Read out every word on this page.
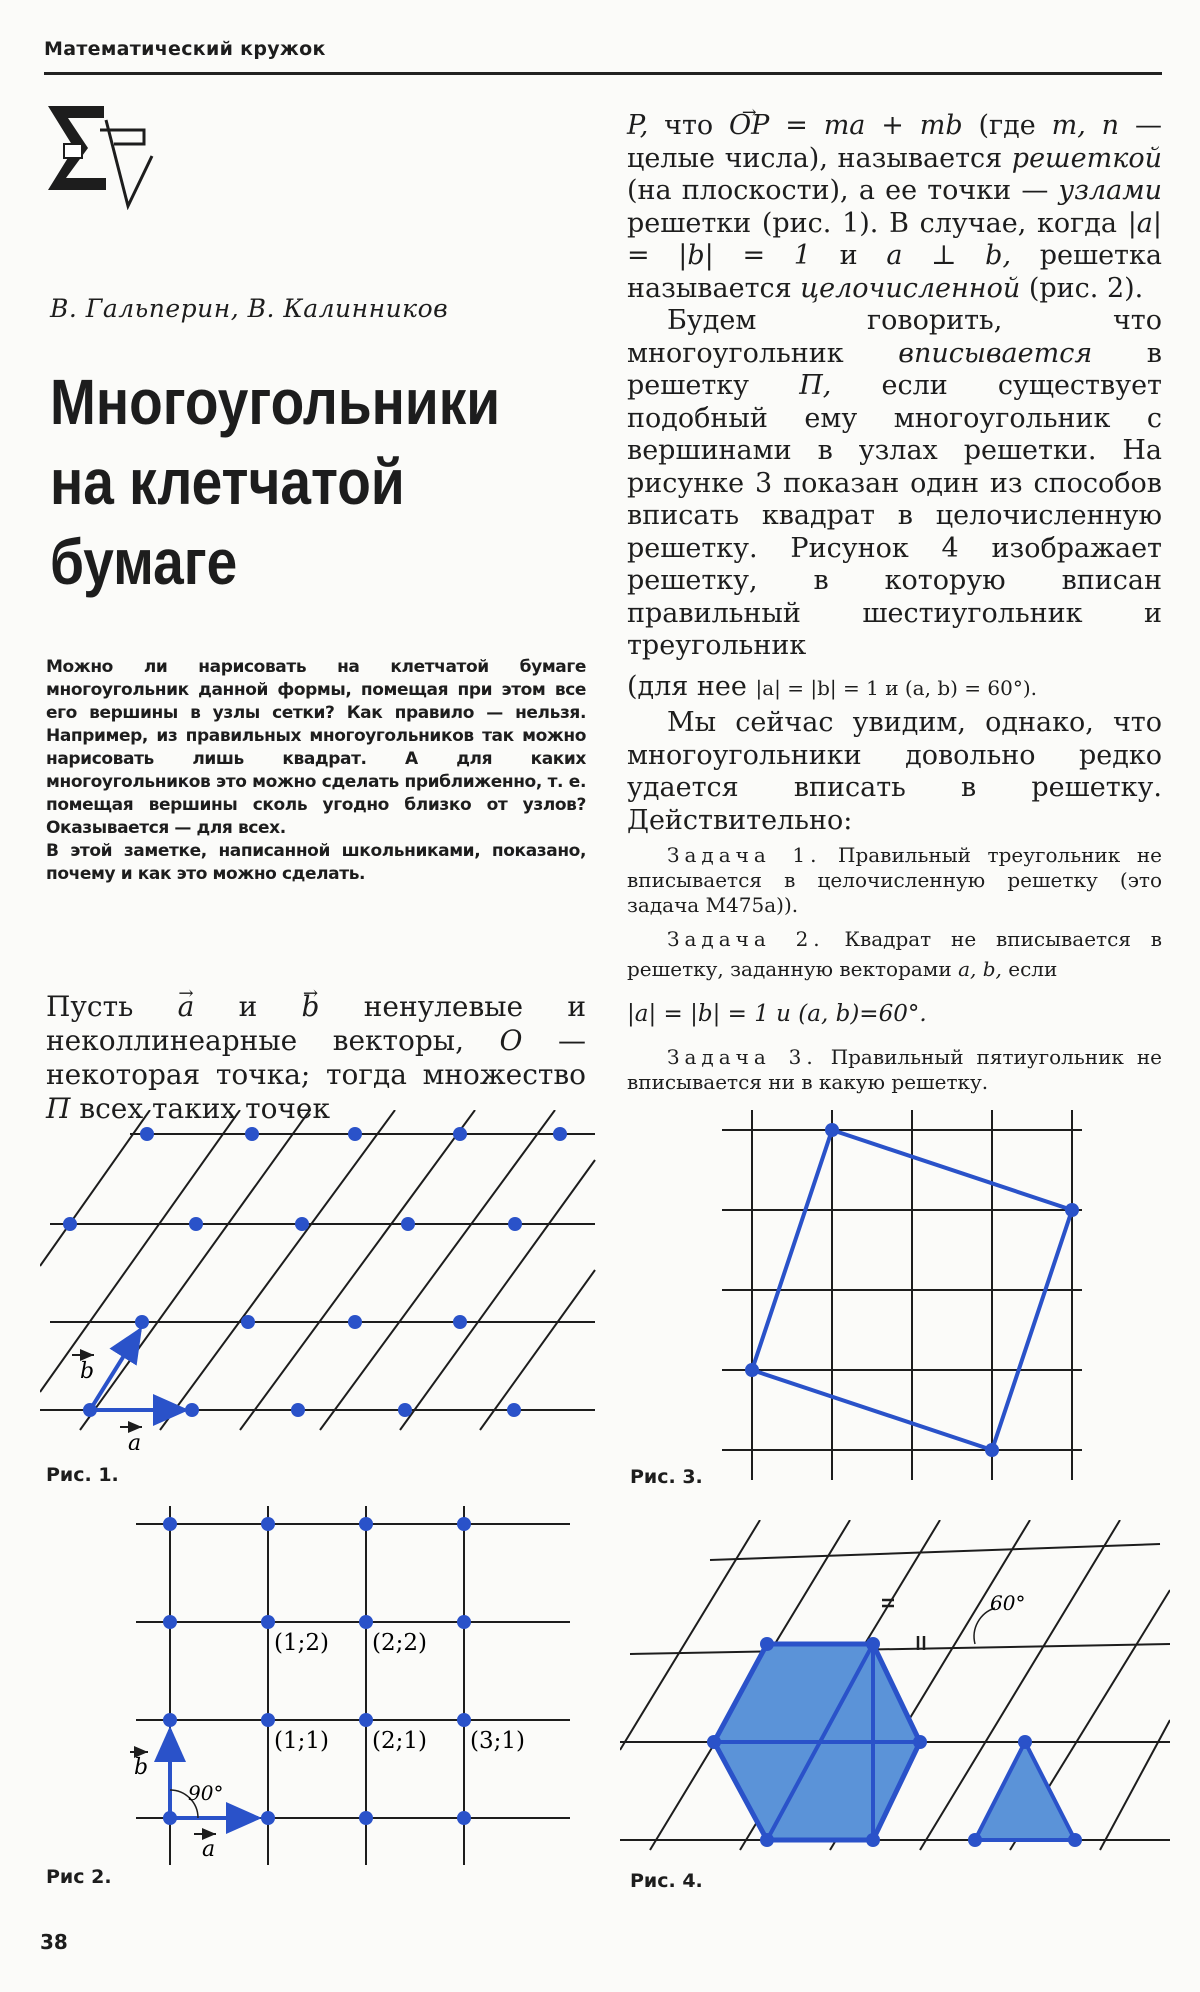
Математический кружок
В. Гальперин, В. Калинников
Многоугольники
на клетчатой
бумаге

Можно ли нарисовать на клетчатой бумаге многоугольник данной формы, помещая при этом все его вершины в узлы сетки? Как правило — нельзя. Например, из правильных многоугольников так можно нарисовать лишь квадрат. А для каких многоугольников это можно сделать приближенно, т. е. помещая вершины сколь угодно близко от узлов? Оказывается — для всех.

В этой заметке, написанной школьниками, показано, почему и как это можно сделать.

Пусть → a и → b ненулевые и неколлинеарные векторы, O — некоторая точка; тогда множество П всех таких точек

P, что → OP = ma + mb (где m, n — целые числа), называется решеткой (на плоскости), а ее точки — узлами решетки (рис. 1). В случае, когда |a| = |b| = 1 и a ⊥ b, решетка называется целочисленной (рис. 2).

Будем говорить, что многоугольник вписывается в решетку П, если существует подобный ему многоугольник с вершинами в узлах решетки. На рисунке 3 показан один из способов вписать квадрат в целочисленную решетку. Рисунок 4 изображает решетку, в которую вписан правильный шестиугольник и треугольник

(для нее |a| = |b| = 1 и (a, b) = 60°).

Мы сейчас увидим, однако, что многоугольники довольно редко удается вписать в решетку. Действительно:

Задача 1. Правильный треугольник не вписывается в целочисленную решетку (это задача М475а)).

Задача 2. Квадрат не вписывается в решетку, заданную векторами a, b, если

|a| = |b| = 1 и (a, b)=60°.

Задача 3. Правильный пятиугольник не вписывается ни в какую решетку.

b
a
Рис. 1.
90°
(1;2) (2;2)
(1;1) (2;1) (3;1)
b
a
Рис 2.
Рис. 3.
60°
Рис. 4.
38
